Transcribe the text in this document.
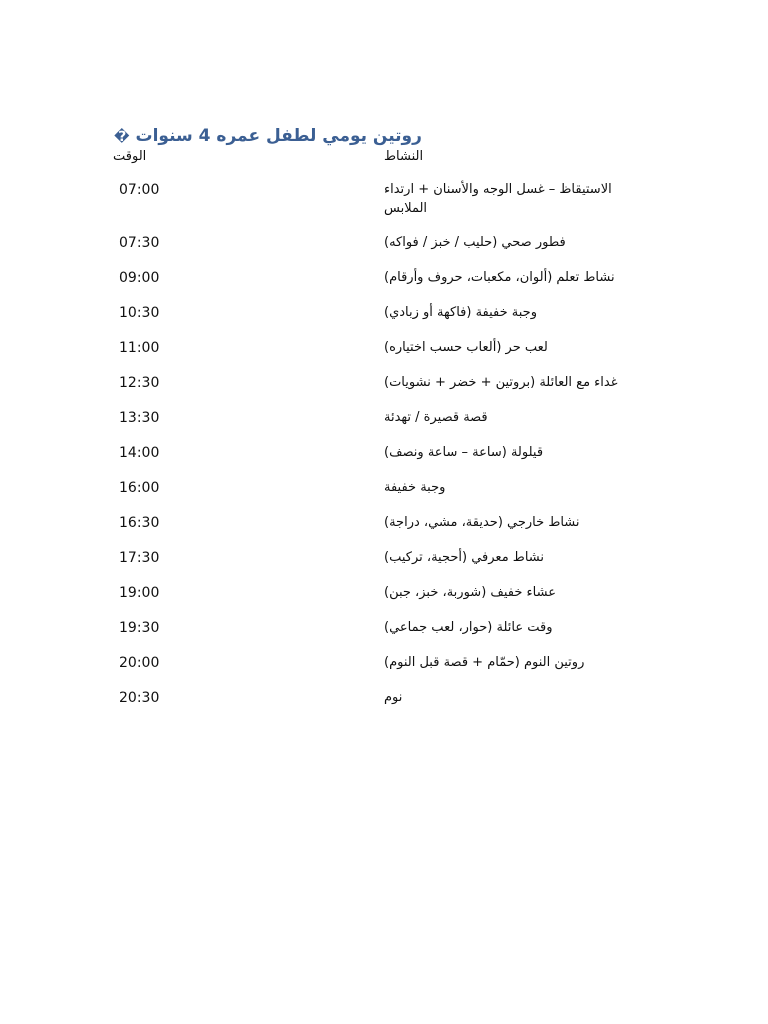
روتين يومي لطفل عمره 4 سنوات �
الوقت	النشاط
07:00	الاستيقاظ – غسل الوجه والأسنان + ارتداء الملابس
07:30	فطور صحي (حليب / خبز / فواكه)
09:00	نشاط تعلم (ألوان، مكعبات، حروف وأرقام)
10:30	وجبة خفيفة (فاكهة أو زبادي)
11:00	لعب حر (ألعاب حسب اختياره)
12:30	غداء مع العائلة (بروتين + خضر + نشويات)
13:30	قصة قصيرة / تهدئة
14:00	قيلولة (ساعة – ساعة ونصف)
16:00	وجبة خفيفة
16:30	نشاط خارجي (حديقة، مشي، دراجة)
17:30	نشاط معرفي (أحجية، تركيب)
19:00	عشاء خفيف (شوربة، خبز، جبن)
19:30	وقت عائلة (حوار، لعب جماعي)
20:00	روتين النوم (حمّام + قصة قبل النوم)
20:30	نوم
